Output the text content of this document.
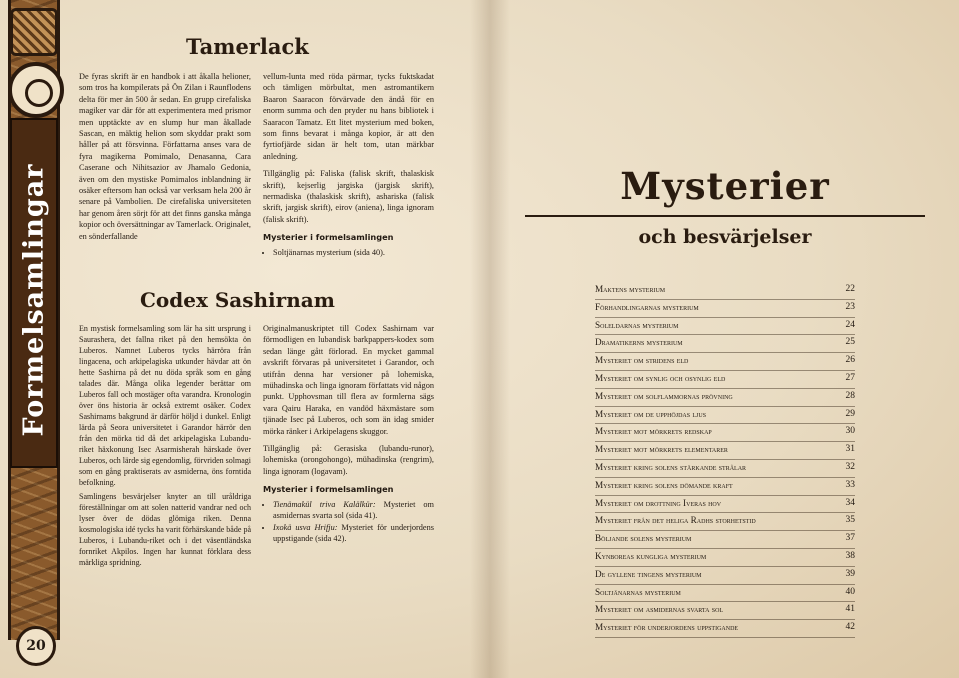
Formelsamlingar
20
Tamerlack

De fyras skrift är en handbok i att åkalla helioner, som tros ha kompilerats på Ön Zilan i Raunflodens delta för mer än 500 år sedan. En grupp cirefaliska magiker var där för att experimentera med prismor men upptäckte av en slump hur man åkallade Sascan, en mäktig helion som skyddar prakt som håller på att försvinna. Författarna anses vara de fyra magikerna Pomimalo, Denasanna, Cara Caserane och Nihitsazior av Jhamalo Gedonia, även om den mystiske Pomimalos inblandning är osäker eftersom han också var verksam hela 200 år senare på Vambolien. De cirefaliska universiteten har genom åren sörjt för att det finns ganska många kopior och översättningar av Tamerlack. Originalet, en sönderfallande

vellum-lunta med röda pärmar, tycks fuktskadat och tämligen mörbultat, men astromantikern Baaron Saaracon förvärvade den ändå för en enorm summa och den pryder nu hans bibliotek i Saaracon Tamatz. Ett litet mysterium med boken, som finns bevarat i många kopior, är att den fyrtiofjärde sidan är helt tom, utan märkbar anledning.

Tillgänglig på: Faliska (falisk skrift, thalaskisk skrift), kejserlig jargiska (jargisk skrift), nermadiska (thalaskisk skrift), ashariska (falisk skrift, jargisk skrift), eirov (aniena), linga ignoram (falisk skrift).

Mysterier i formelsamlingen
• Soltjänarnas mysterium (sida 40).
Codex Sashirnam

En mystisk formelsamling som lär ha sitt ursprung i Saurashera, det fallna riket på den hemsökta ön Luberos. Namnet Luberos tycks härröra från lingacena, och arkipelagiska utkunder hävdar att ön hette Sashirna på det nu döda språk som en gång talades där. Många olika legender berättar om Luberos fall och mostäger ofta varandra. Kronologin över öns historia är också extremt osäker. Codex Sashirnams bakgrund är därför höljd i dunkel. Enligt lärda på Seora universitetet i Garandor härrör den från den mörka tid då det arkipelagiska Lubandu-riket häxkonung Isec Asarmisherah härskade över Luberos, och lärde sig egendomlig, förvriden solmagi som en gång praktiserats av asmiderna, öns forntida befolkning.

Samlingens besvärjelser knyter an till uråldriga föreställningar om att solen natterid vandrar ned och lyser över de dödas glömiga riken. Denna kosmologiska idé tycks ha varit förhärskande både på Luberos, i Lubandu-riket och i det väsentländska fornriket Akpilos. Ingen har kunnat förklara dess märkliga spridning.

Originalmanuskriptet till Codex Sashirnam var förmodligen en lubandisk barkpappers-kodex som sedan länge gått förlorad. En mycket gammal avskrift förvaras på universitetet i Garandor, och utifrån denna har versioner på lohemiska, mühadinska och linga ignoram författats vid någon punkt. Upphovsman till flera av formlerna sägs vara Qairu Haraka, en vandöd häxmästare som tjänade Isec på Luberos, och som än idag smider mörka ränker i Arkipelagens skuggor.

Tillgänglig på: Gerasiska (lubandu-runor), lohemiska (orongohongo), mühadinska (rengrim), linga ignoram (logavam).

Mysterier i formelsamlingen
• Tienämakül triva Kalälkür: Mysteriet om asmidernas svarta sol (sida 41).
• Ixokä usva Hrifju: Mysteriet för underjordens uppstigande (sida 42).
Mysterier
och besvärjelser
Maktens mysterium	22
Förhandlingarnas mysterium	23
Soleldarnas mysterium	24
Dramatikerns mysterium	25
Mysteriet om stridens eld	26
Mysteriet om synlig och osynlig eld	27
Mysteriet om solflammornas prövning	28
Mysteriet om de upphöjdas ljus	29
Mysteriet mot mörkrets redskap	30
Mysteriet mot mörkrets elementarer	31
Mysteriet kring solens stärkande strålar	32
Mysteriet kring solens dömande kraft	33
Mysteriet om drottning Iveras hov	34
Mysteriet från det heliga Radhs storhetstid	35
Böljande solens mysterium	37
Kynboreas kungliga mysterium	38
De gyllene tingens mysterium	39
Soltjänarnas mysterium	40
Mysteriet om asmidernas svarta sol	41
Mysteriet för underjordens uppstigande	42
